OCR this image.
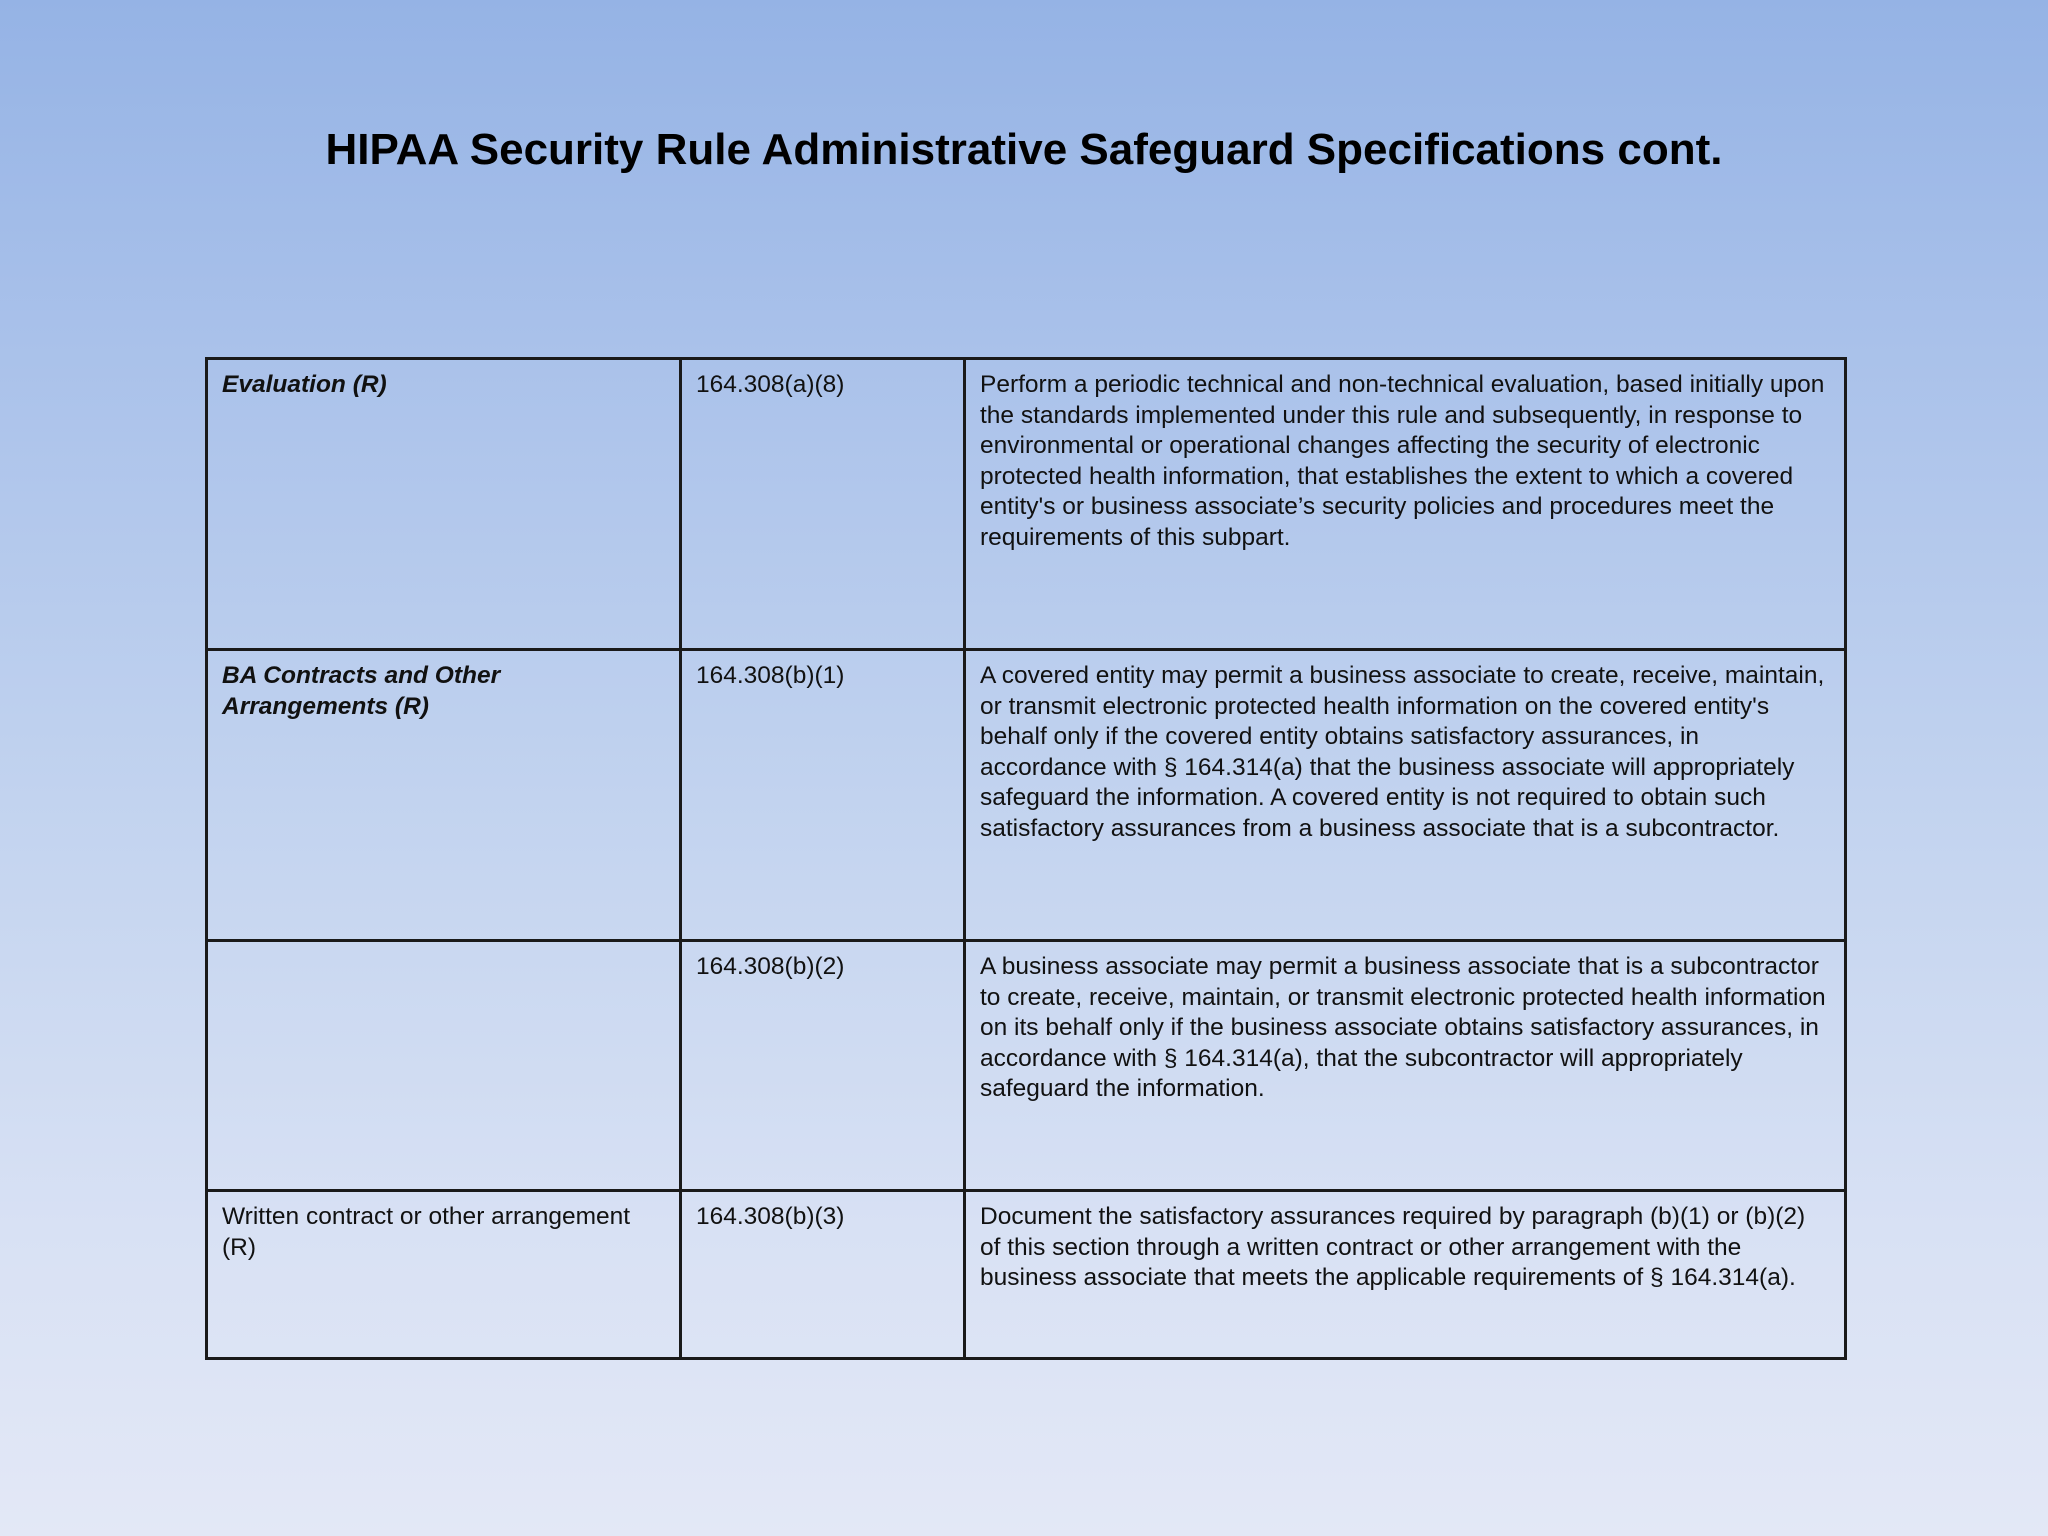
HIPAA Security Rule Administrative Safeguard Specifications cont.
Evaluation (R)	164.308(a)(8)	Perform a periodic technical and non-technical evaluation, based initially upon the standards implemented under this rule and subsequently, in response to environmental or operational changes affecting the security of electronic protected health information, that establishes the extent to which a covered entity's or business associate’s security policies and procedures meet the requirements of this subpart.
BA Contracts and Other Arrangements (R)	164.308(b)(1)	A covered entity may permit a business associate to create, receive, maintain, or transmit electronic protected health information on the covered entity's behalf only if the covered entity obtains satisfactory assurances, in accordance with § 164.314(a) that the business associate will appropriately safeguard the information. A covered entity is not required to obtain such satisfactory assurances from a business associate that is a subcontractor.
	164.308(b)(2)	A business associate may permit a business associate that is a subcontractor to create, receive, maintain, or transmit electronic protected health information on its behalf only if the business associate obtains satisfactory assurances, in accordance with § 164.314(a), that the subcontractor will appropriately safeguard the information.
Written contract or other arrangement (R)	164.308(b)(3)	Document the satisfactory assurances required by paragraph (b)(1) or (b)(2) of this section through a written contract or other arrangement with the business associate that meets the applicable requirements of § 164.314(a).
